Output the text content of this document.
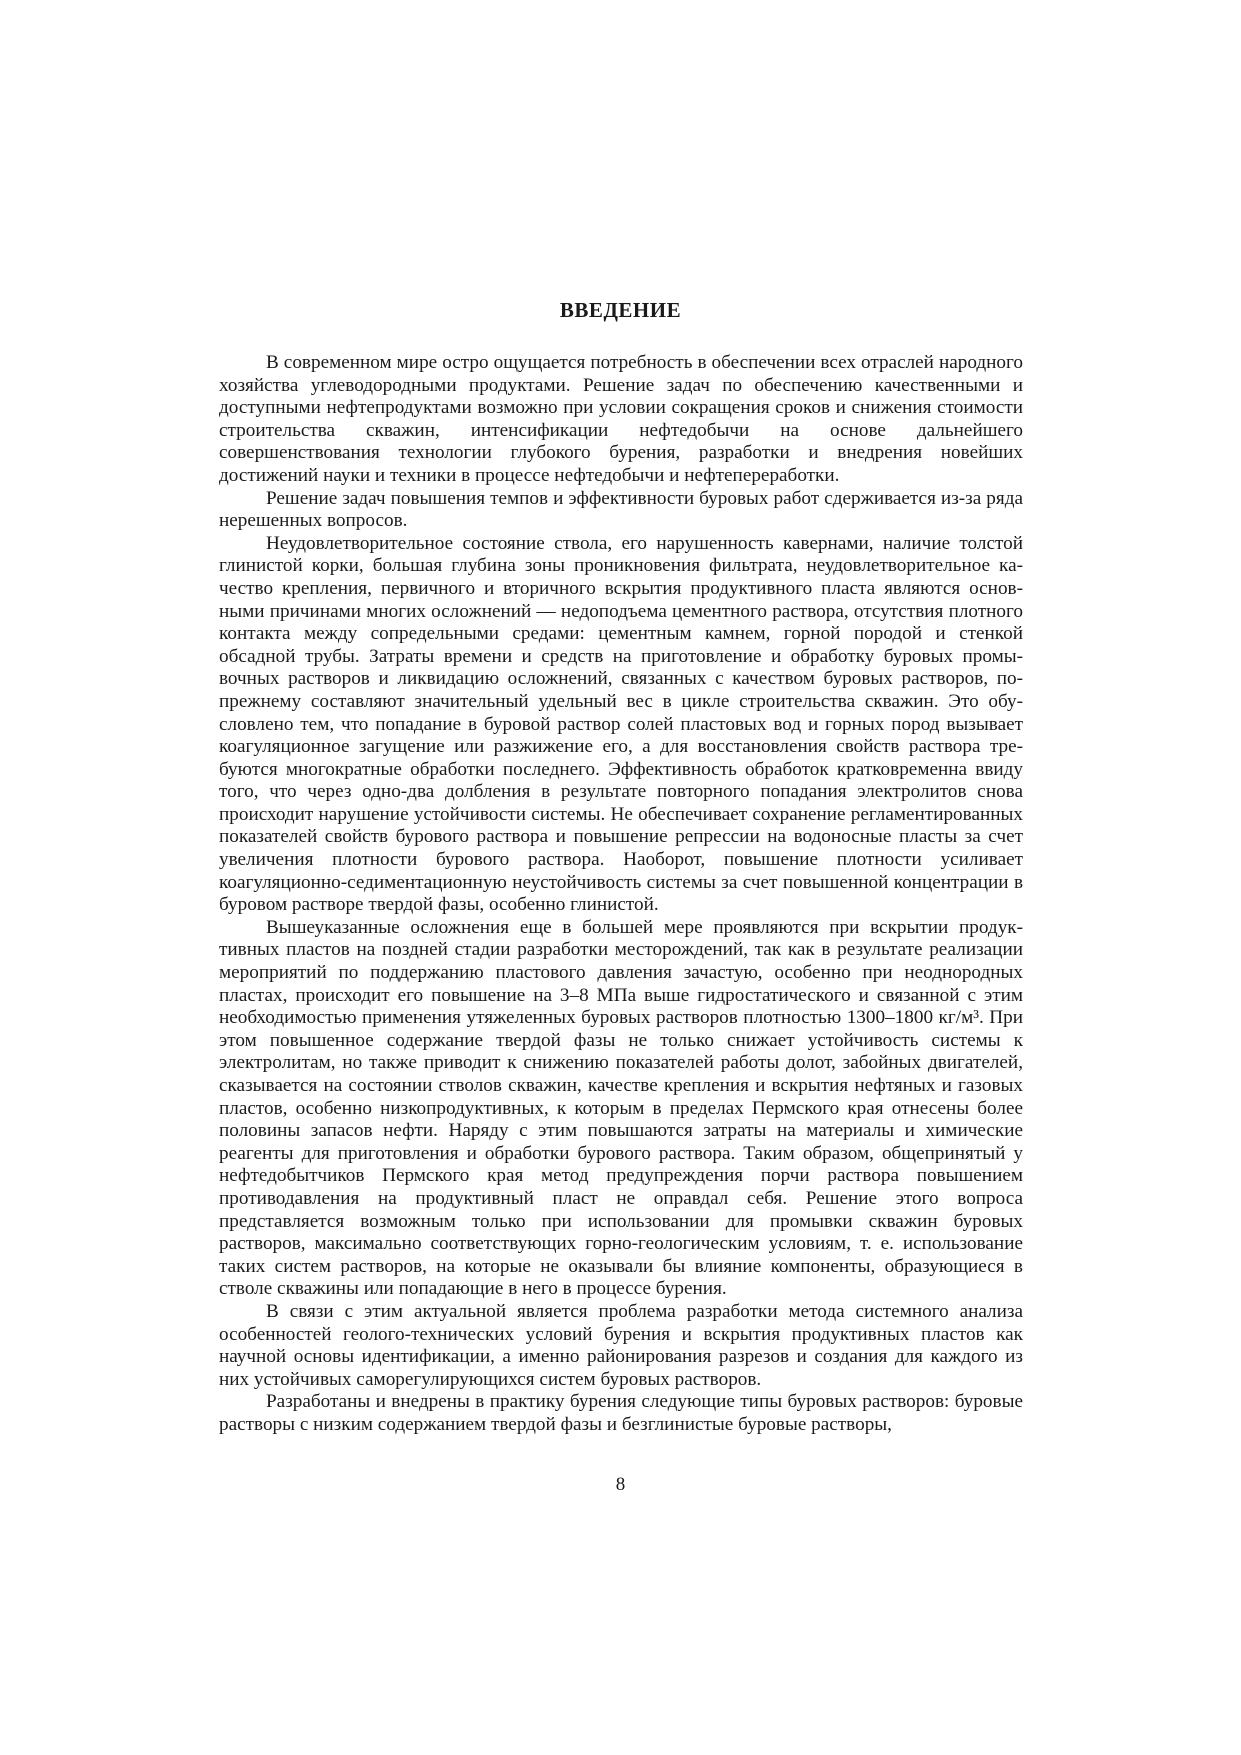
ВВЕДЕНИЕ

В современном мире остро ощущается потребность в обеспечении всех отраслей народного хозяйства углеводородными продуктами. Решение задач по обеспечению качественными и доступными нефтепродуктами возможно при условии сокращения сроков и снижения стоимости строительства скважин, интенсификации нефтедобычи на основе дальнейшего совершенствования технологии глубокого бурения, разработки и внедрения новейших достижений науки и техники в процессе нефтедобычи и нефтепереработки.

Решение задач повышения темпов и эффективности буровых работ сдерживается из-за ряда нерешенных вопросов.

Неудовлетворительное состояние ствола, его нарушенность кавернами, наличие толстой глинистой корки, большая глубина зоны проникновения фильтрата, неудовлетворительное качество крепления, первичного и вторичного вскрытия продуктивного пласта являются основными причинами многих осложнений — недоподъема цементного раствора, отсутствия плотного контакта между сопредельными средами: цементным камнем, горной породой и стенкой обсадной трубы. Затраты времени и средств на приготовление и обработку буровых промывочных растворов и ликвидацию осложнений, связанных с качеством буровых растворов, по-прежнему составляют значительный удельный вес в цикле строительства скважин. Это обусловлено тем, что попадание в буровой раствор солей пластовых вод и горных пород вызывает коагуляционное загущение или разжижение его, а для восстановления свойств раствора требуются многократные обработки последнего. Эффективность обработок кратковременна ввиду того, что через одно-два долбления в результате повторного попадания электролитов снова происходит нарушение устойчивости системы. Не обеспечивает сохранение регламентированных показателей свойств бурового раствора и повышение репрессии на водоносные пласты за счет увеличения плотности бурового раствора. Наоборот, повышение плотности усиливает коагуляционно-седиментационную неустойчивость системы за счет повышенной концентрации в буровом растворе твердой фазы, особенно глинистой.

Вышеуказанные осложнения еще в большей мере проявляются при вскрытии продуктивных пластов на поздней стадии разработки месторождений, так как в результате реализации мероприятий по поддержанию пластового давления зачастую, особенно при неоднородных пластах, происходит его повышение на 3–8 МПа выше гидростатического и связанной с этим необходимостью применения утяжеленных буровых растворов плотностью 1300–1800 кг/м³. При этом повышенное содержание твердой фазы не только снижает устойчивость системы к электролитам, но также приводит к снижению показателей работы долот, забойных двигателей, сказывается на состоянии стволов скважин, качестве крепления и вскрытия нефтяных и газовых пластов, особенно низкопродуктивных, к которым в пределах Пермского края отнесены более половины запасов нефти. Наряду с этим повышаются затраты на материалы и химические реагенты для приготовления и обработки бурового раствора. Таким образом, общепринятый у нефтедобытчиков Пермского края метод предупреждения порчи раствора повышением противодавления на продуктивный пласт не оправдал себя. Решение этого вопроса представляется возможным только при использовании для промывки скважин буровых растворов, максимально соответствующих горно-геологическим условиям, т. е. использование таких систем растворов, на которые не оказывали бы влияние компоненты, образующиеся в стволе скважины или попадающие в него в процессе бурения.

В связи с этим актуальной является проблема разработки метода системного анализа особенностей геолого-технических условий бурения и вскрытия продуктивных пластов как научной основы идентификации, а именно районирования разрезов и создания для каждого из них устойчивых саморегулирующихся систем буровых растворов.

Разработаны и внедрены в практику бурения следующие типы буровых растворов: буровые растворы с низким содержанием твердой фазы и безглинистые буровые растворы,

8
